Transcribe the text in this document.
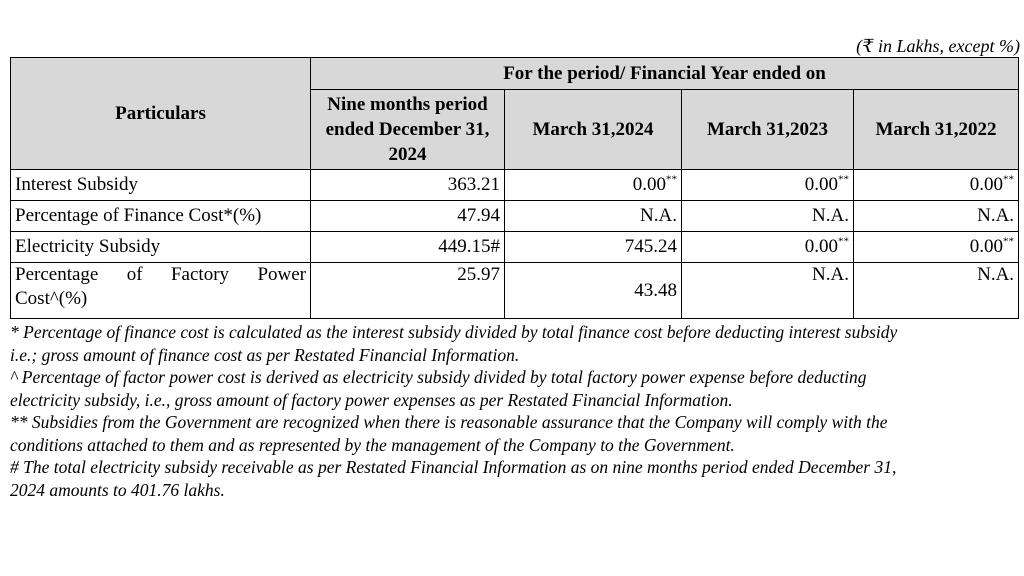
(₹ in Lakhs, except %)
Particulars	For the period/ Financial Year ended on			
	Nine months period ended December 31, 2024	March 31,2024	March 31,2023	March 31,2022
Interest Subsidy	363.21	0.00**	0.00**	0.00**
Percentage of Finance Cost*(%)	47.94	N.A.	N.A.	N.A.
Electricity Subsidy	449.15#	745.24	0.00**	0.00**

Percentage of Factory Power
Cost^(%)	25.97	43.48	N.A.	N.A.

* Percentage of finance cost is calculated as the interest subsidy divided by total finance cost before deducting interest subsidy
i.e.; gross amount of finance cost as per Restated Financial Information.

^ Percentage of factor power cost is derived as electricity subsidy divided by total factory power expense before deducting
electricity subsidy, i.e., gross amount of factory power expenses as per Restated Financial Information.

** Subsidies from the Government are recognized when there is reasonable assurance that the Company will comply with the
conditions attached to them and as represented by the management of the Company to the Government.

# The total electricity subsidy receivable as per Restated Financial Information as on nine months period ended December 31,
2024 amounts to 401.76 lakhs.
